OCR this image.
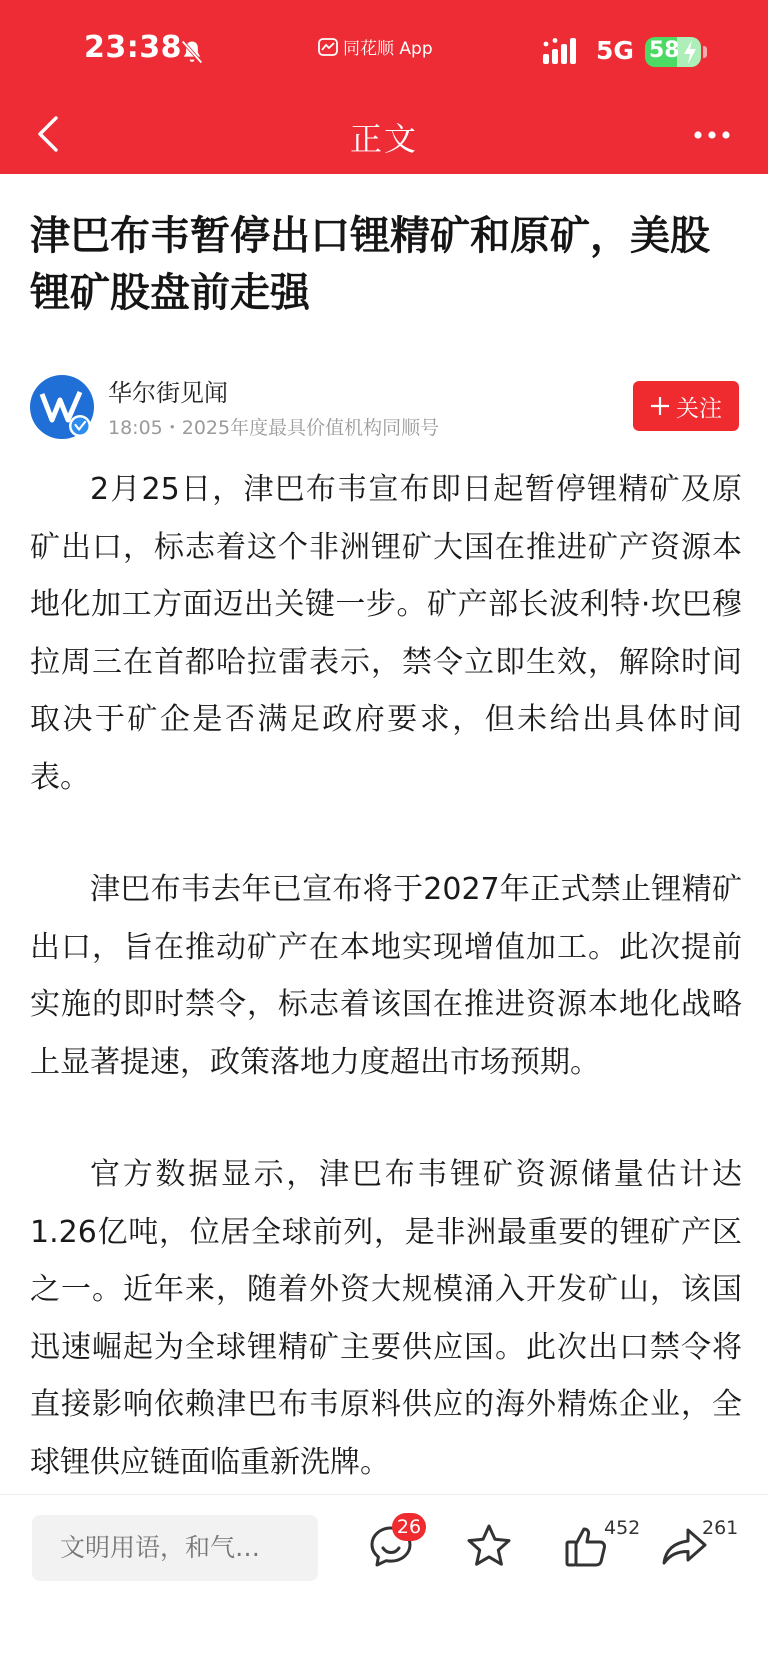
23:38	同花顺 App	5G 58
正文
津巴布韦暂停出口锂精矿和原矿，美股锂矿股盘前走强
华尔街见闻
18:05・2025年度最具价值机构同顺号
关注

2月25日，津巴布韦宣布即日起暂停锂精矿及原矿出口，标志着这个非洲锂矿大国在推进矿产资源本地化加工方面迈出关键一步。矿产部长波利特·坎巴穆拉周三在首都哈拉雷表示，禁令立即生效，解除时间取决于矿企是否满足政府要求，但未给出具体时间表。

津巴布韦去年已宣布将于2027年正式禁止锂精矿出口，旨在推动矿产在本地实现增值加工。此次提前实施的即时禁令，标志着该国在推进资源本地化战略上显著提速，政策落地力度超出市场预期。

官方数据显示，津巴布韦锂矿资源储量估计达1.26亿吨，位居全球前列，是非洲最重要的锂矿产区之一。近年来，随着外资大规模涌入开发矿山，该国迅速崛起为全球锂精矿主要供应国。此次出口禁令将直接影响依赖津巴布韦原料供应的海外精炼企业，全球锂供应链面临重新洗牌。

文明用语，和气…
26	452	261
